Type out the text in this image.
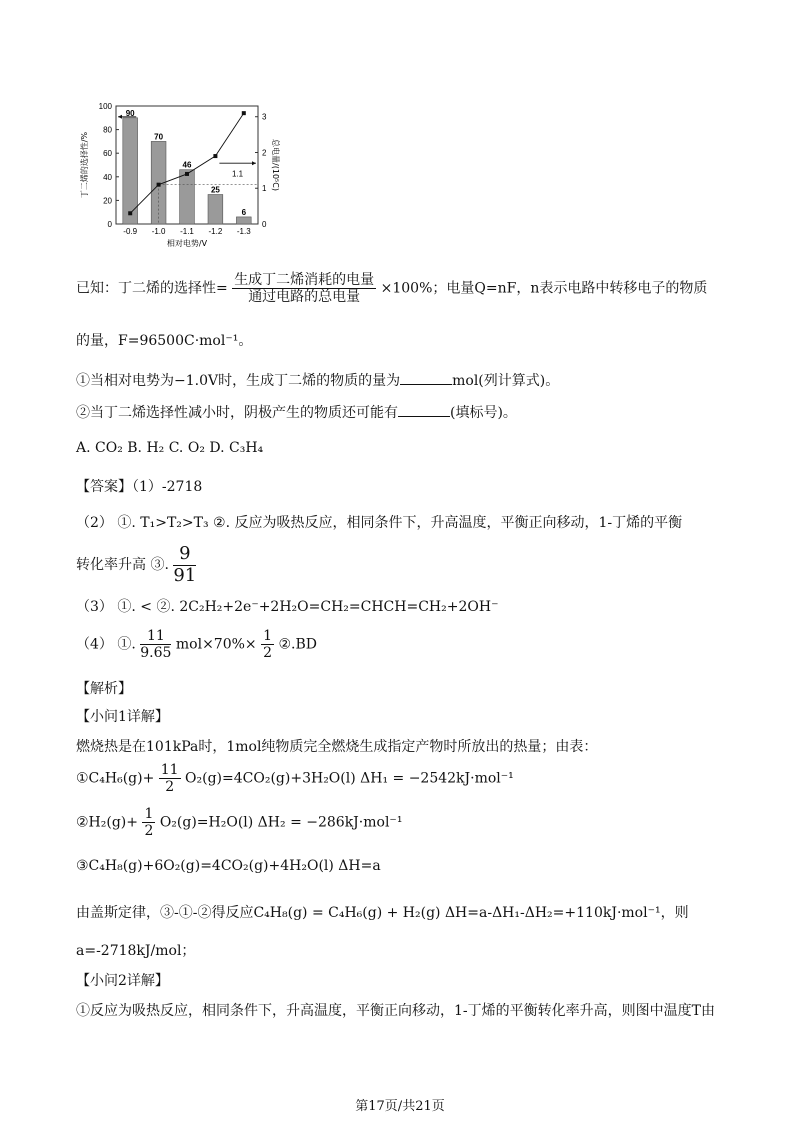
0
20
40
60
80
100
0
1
2
3
90
70
46
25
6
-0.9 -1.0 -1.1 -1.2 -1.3
1.1
丁二烯的选择性/%	总电量/(10⁵C)
相对电势/V
已知：丁二烯的选择性= $\frac{\text{生成丁二烯消耗的电量}}{\text{通过电路的总电量}} \times 100\%$；电量Q=nF，n表示电路中转移电子的物质
的量，F=96500C·mol⁻¹。
①当相对电势为−1.0V时，生成丁二烯的物质的量为	mol(列计算式)。
②当丁二烯选择性减小时，阴极产生的物质还可能有	(填标号)。
A. CO₂ B. H₂ C. O₂ D. C₃H₄
【答案】（1）-2718
（2） ①. T₁>T₂>T₃ ②. 反应为吸热反应，相同条件下，升高温度，平衡正向移动，1-丁烯的平衡
转化率升高 ③. $\frac{9}{91}$
（3） ①. < ②. 2C₂H₂+2e⁻+2H₂O=CH₂=CHCH=CH₂+2OH⁻
（4） ①. $\frac{11}{9.65} mol\times 70\%\times \frac{1}{2}$ ②.BD
【解析】
【小问1详解】
燃烧热是在101kPa时，1mol纯物质完全燃烧生成指定产物时所放出的热量；由表：
①C₄H₆(g)+ $\frac{11}{2} O_2(g)=4CO_2(g)+3H_2O(l) \Delta H_1 = -2542kJ\cdot mol^{-1}$
②H₂(g)+ $\frac{1}{2} O_2(g)=H_2O(l) \Delta H_2 = -286kJ\cdot mol^{-1}$
③C₄H₈(g)+6O₂(g)=4CO₂(g)+4H₂O(l) ΔH=a
由盖斯定律，③-①-②得反应C₄H₈(g) = C₄H₆(g) + H₂(g) ΔH=a-ΔH₁-ΔH₂=+110kJ·mol⁻¹，则
a=-2718kJ/mol；
【小问2详解】
①反应为吸热反应，相同条件下，升高温度，平衡正向移动，1-丁烯的平衡转化率升高，则图中温度T由
第17页/共21页
